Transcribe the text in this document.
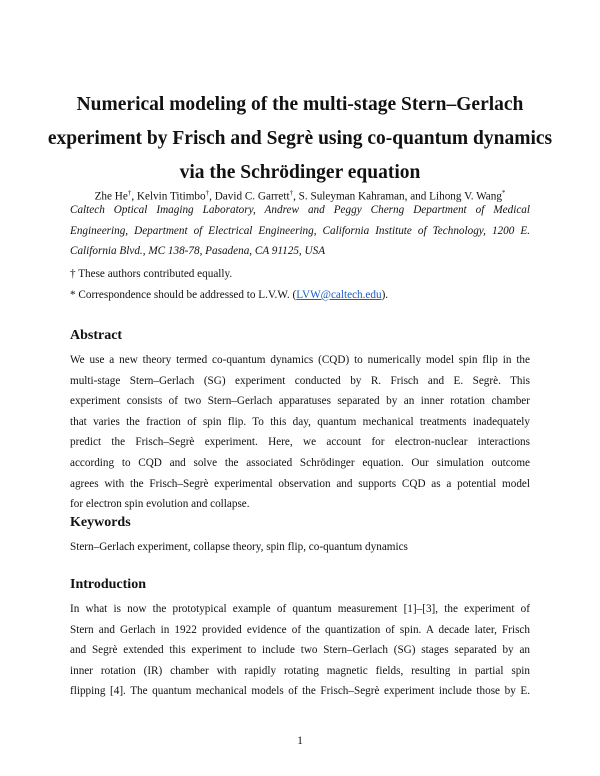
Numerical modeling of the multi-stage Stern–Gerlach
experiment by Frisch and Segrè using co-quantum dynamics
via the Schrödinger equation
Zhe He†, Kelvin Titimbo†, David C. Garrett†, S. Suleyman Kahraman, and Lihong V. Wang*
Caltech Optical Imaging Laboratory, Andrew and Peggy Cherng Department of Medical
Engineering, Department of Electrical Engineering, California Institute of Technology, 1200 E.
California Blvd., MC 138-78, Pasadena, CA 91125, USA
† These authors contributed equally.
* Correspondence should be addressed to L.V.W. (LVW@caltech.edu).
Abstract
We use a new theory termed co-quantum dynamics (CQD) to numerically model spin flip in the
multi-stage Stern–Gerlach (SG) experiment conducted by R. Frisch and E. Segrè. This
experiment consists of two Stern–Gerlach apparatuses separated by an inner rotation chamber
that varies the fraction of spin flip. To this day, quantum mechanical treatments inadequately
predict the Frisch–Segrè experiment. Here, we account for electron-nuclear interactions
according to CQD and solve the associated Schrödinger equation. Our simulation outcome
agrees with the Frisch–Segrè experimental observation and supports CQD as a potential model
for electron spin evolution and collapse.
Keywords
Stern–Gerlach experiment, collapse theory, spin flip, co-quantum dynamics
Introduction
In what is now the prototypical example of quantum measurement [1]–[3], the experiment of
Stern and Gerlach in 1922 provided evidence of the quantization of spin. A decade later, Frisch
and Segrè extended this experiment to include two Stern–Gerlach (SG) stages separated by an
inner rotation (IR) chamber with rapidly rotating magnetic fields, resulting in partial spin
flipping [4]. The quantum mechanical models of the Frisch–Segrè experiment include those by E.
1
